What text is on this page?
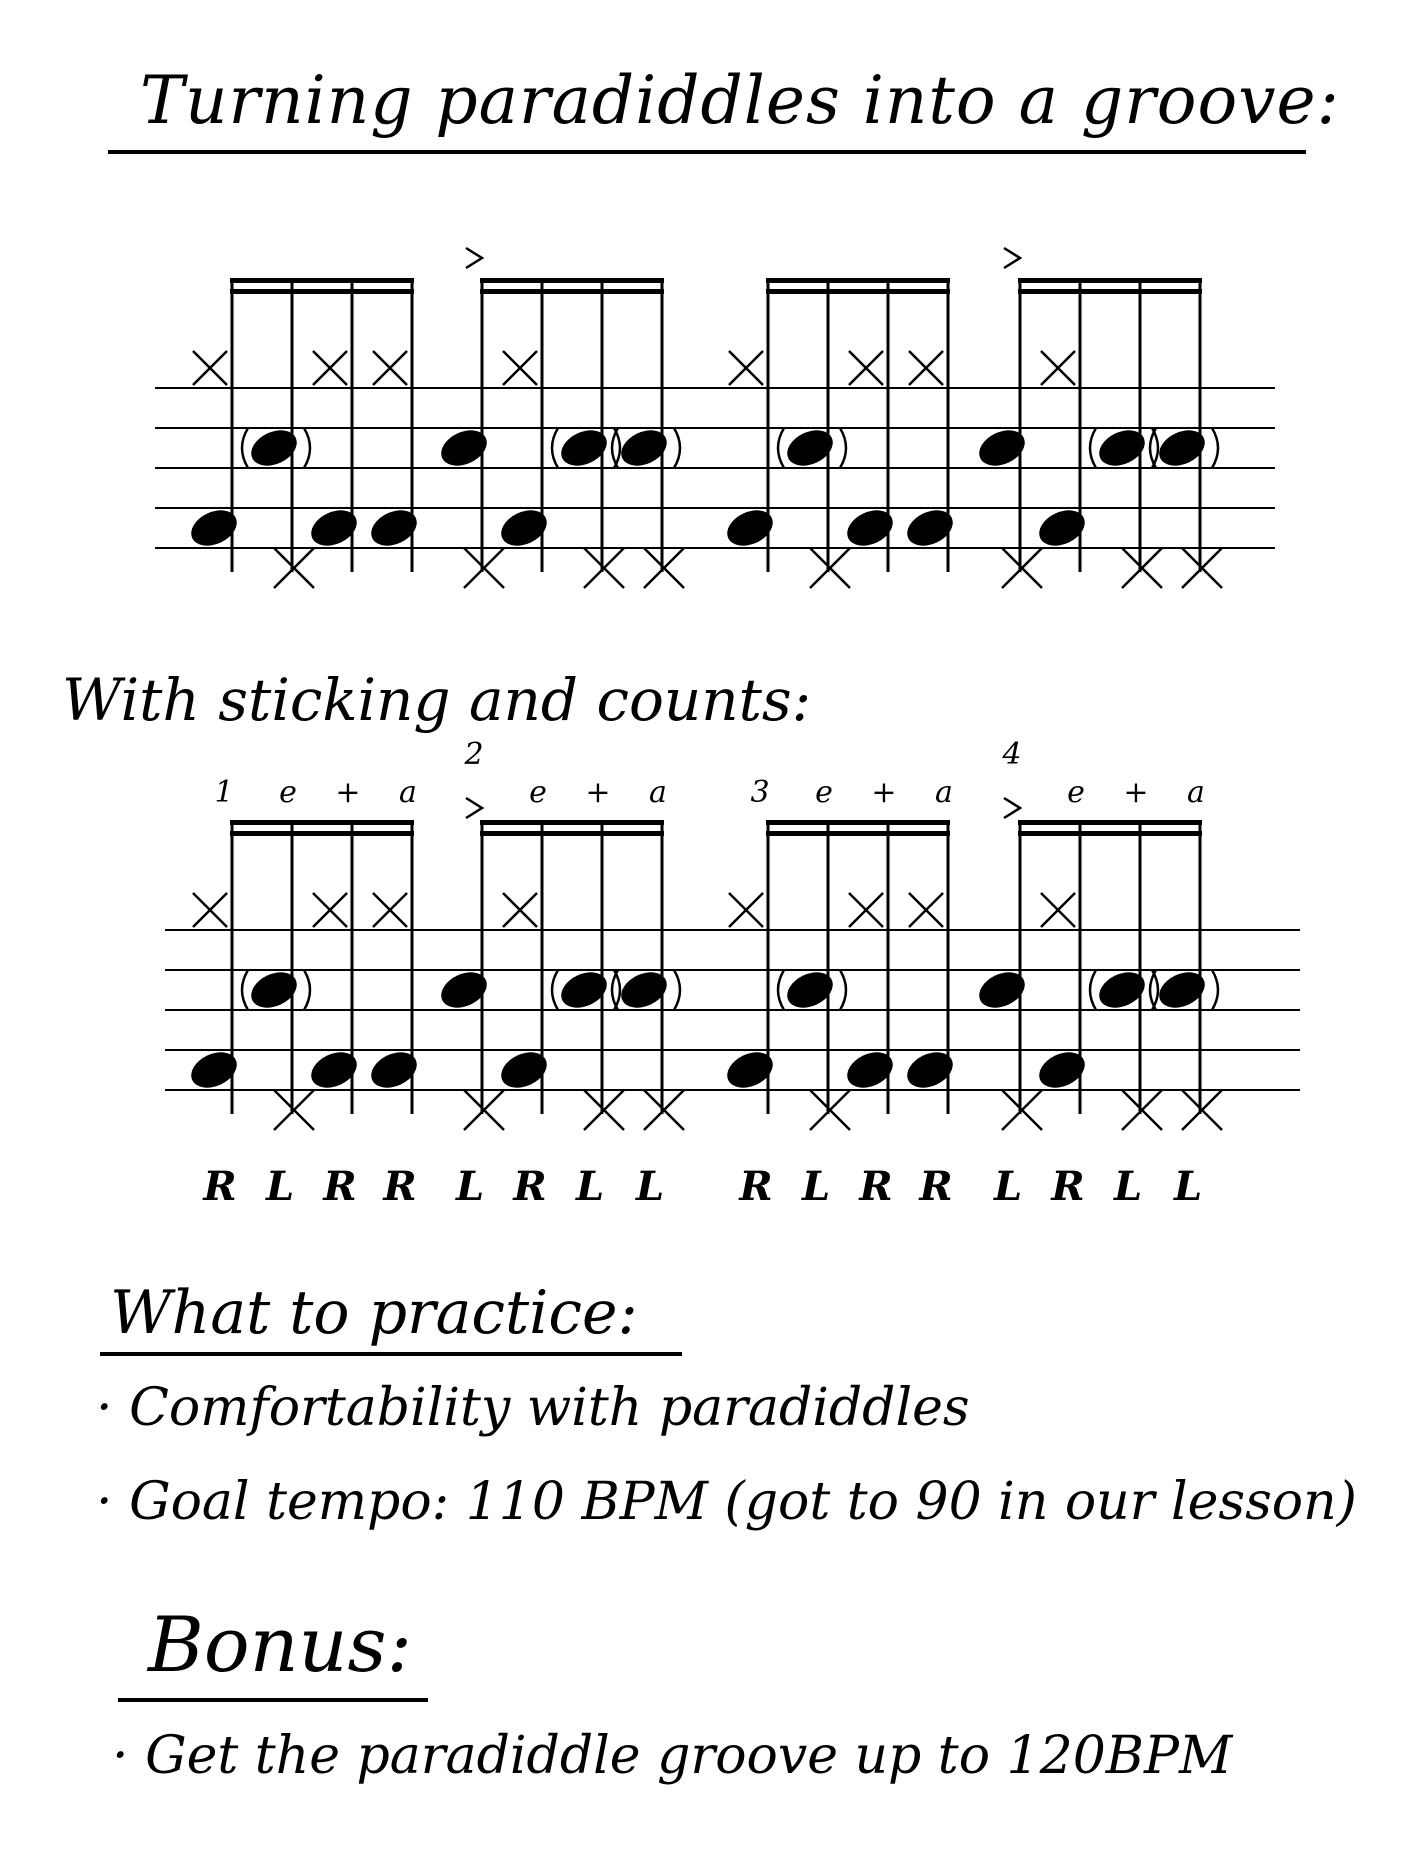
Turning paradiddles into a groove:
With sticking and counts:
1 e + a
2
e + a	3 e + a
4
e + a
R L R R L R L L R L R R L R L L
What to practice:
· Comfortability with paradiddles
· Goal tempo: 110 BPM (got to 90 in our lesson)
Bonus:
· Get the paradiddle groove up to 120BPM
